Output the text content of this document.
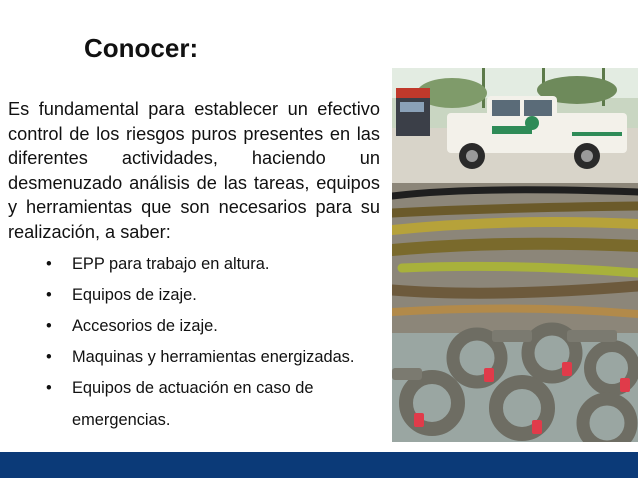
Conocer:
Es fundamental para establecer un efectivo control de los riesgos puros presentes en las diferentes actividades, haciendo un desmenuzado análisis de las tareas, equipos y herramientas que son necesarios para su realización, a saber:
• EPP para trabajo en altura.
• Equipos de izaje.
• Accesorios de izaje.
• Maquinas y herramientas energizadas.
• Equipos de actuación en caso de
emergencias.
